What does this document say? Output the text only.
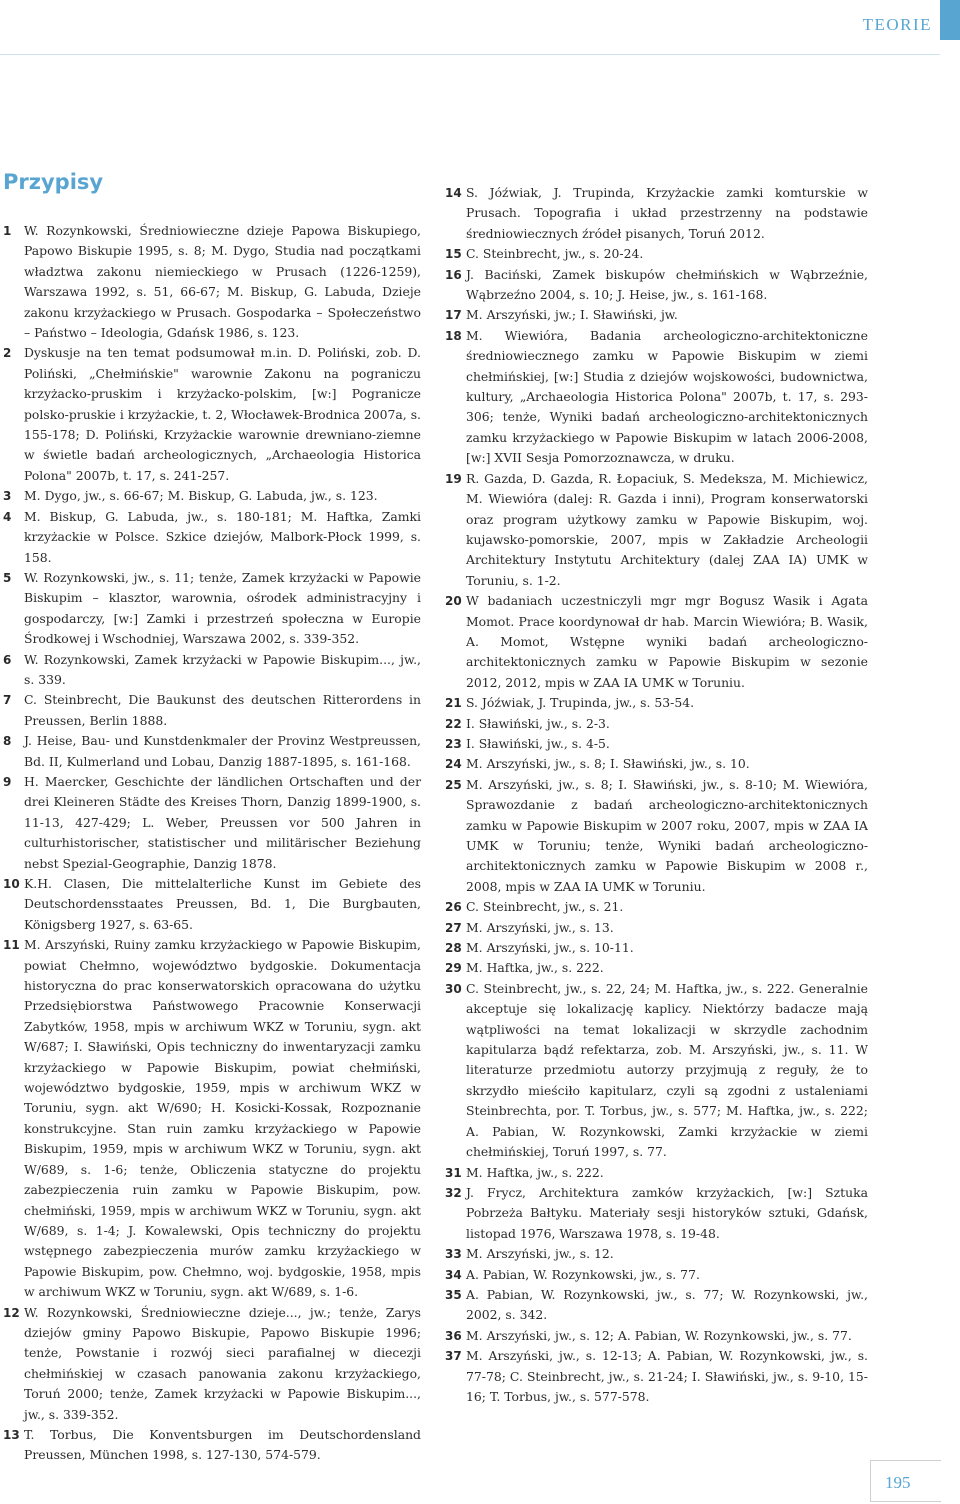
TEORIE
Przypisy
1 W. Rozynkowski, Średniowieczne dzieje Papowa Biskupiego, Papowo Biskupie 1995, s. 8; M. Dygo, Studia nad początkami władztwa zakonu niemieckiego w Prusach (1226-1259), Warszawa 1992, s. 51, 66-67; M. Biskup, G. Labuda, Dzieje zakonu krzyżackiego w Prusach. Gospodarka – Społeczeństwo – Państwo – Ideologia, Gdańsk 1986, s. 123.
2 Dyskusje na ten temat podsumował m.in. D. Poliński, zob. D. Poliński, „Chełmińskie" warownie Zakonu na pograniczu krzyżacko-pruskim i krzyżacko-polskim, [w:] Pogranicze polsko-pruskie i krzyżackie, t. 2, Włocławek-Brodnica 2007a, s. 155-178; D. Poliński, Krzyżackie warownie drewniano-ziemne w świetle badań archeologicznych, „Archaeologia Historica Polona" 2007b, t. 17, s. 241-257.
3 M. Dygo, jw., s. 66-67; M. Biskup, G. Labuda, jw., s. 123.
4 M. Biskup, G. Labuda, jw., s. 180-181; M. Haftka, Zamki krzyżackie w Polsce. Szkice dziejów, Malbork-Płock 1999, s. 158.
5 W. Rozynkowski, jw., s. 11; tenże, Zamek krzyżacki w Papowie Biskupim – klasztor, warownia, ośrodek administracyjny i gospodarczy, [w:] Zamki i przestrzeń społeczna w Europie Środkowej i Wschodniej, Warszawa 2002, s. 339-352.
6 W. Rozynkowski, Zamek krzyżacki w Papowie Biskupim..., jw., s. 339.
7 C. Steinbrecht, Die Baukunst des deutschen Ritterordens in Preussen, Berlin 1888.
8 J. Heise, Bau- und Kunstdenkmaler der Provinz Westpreussen, Bd. II, Kulmerland und Lobau, Danzig 1887-1895, s. 161-168.
9 H. Maercker, Geschichte der ländlichen Ortschaften und der drei Kleineren Städte des Kreises Thorn, Danzig 1899-1900, s. 11-13, 427-429; L. Weber, Preussen vor 500 Jahren in culturhistorischer, statistischer und militärischer Beziehung nebst Spezial-Geographie, Danzig 1878.
10 K.H. Clasen, Die mittelalterliche Kunst im Gebiete des Deutschordensstaates Preussen, Bd. 1, Die Burgbauten, Königsberg 1927, s. 63-65.
11 M. Arszyński, Ruiny zamku krzyżackiego w Papowie Biskupim, powiat Chełmno, województwo bydgoskie. Dokumentacja historyczna do prac konserwatorskich opracowana do użytku Przedsiębiorstwa Państwowego Pracownie Konserwacji Zabytków, 1958, mpis w archiwum WKZ w Toruniu, sygn. akt W/687; I. Sławiński, Opis techniczny do inwentaryzacji zamku krzyżackiego w Papowie Biskupim, powiat chełmiński, województwo bydgoskie, 1959, mpis w archiwum WKZ w Toruniu, sygn. akt W/690; H. Kosicki-Kossak, Rozpoznanie konstrukcyjne. Stan ruin zamku krzyżackiego w Papowie Biskupim, 1959, mpis w archiwum WKZ w Toruniu, sygn. akt W/689, s. 1-6; tenże, Obliczenia statyczne do projektu zabezpieczenia ruin zamku w Papowie Biskupim, pow. chełmiński, 1959, mpis w archiwum WKZ w Toruniu, sygn. akt W/689, s. 1-4; J. Kowalewski, Opis techniczny do projektu wstępnego zabezpieczenia murów zamku krzyżackiego w Papowie Biskupim, pow. Chełmno, woj. bydgoskie, 1958, mpis w archiwum WKZ w Toruniu, sygn. akt W/689, s. 1-6.
12 W. Rozynkowski, Średniowieczne dzieje..., jw.; tenże, Zarys dziejów gminy Papowo Biskupie, Papowo Biskupie 1996; tenże, Powstanie i rozwój sieci parafialnej w diecezji chełmińskiej w czasach panowania zakonu krzyżackiego, Toruń 2000; tenże, Zamek krzyżacki w Papowie Biskupim..., jw., s. 339-352.
13 T. Torbus, Die Konventsburgen im Deutschordensland Preussen, München 1998, s. 127-130, 574-579.
14 S. Jóźwiak, J. Trupinda, Krzyżackie zamki komturskie w Prusach. Topografia i układ przestrzenny na podstawie średniowiecznych źródeł pisanych, Toruń 2012.
15 C. Steinbrecht, jw., s. 20-24.
16 J. Baciński, Zamek biskupów chełmińskich w Wąbrzeźnie, Wąbrzeźno 2004, s. 10; J. Heise, jw., s. 161-168.
17 M. Arszyński, jw.; I. Sławiński, jw.
18 M. Wiewióra, Badania archeologiczno-architektoniczne średniowiecznego zamku w Papowie Biskupim w ziemi chełmińskiej, [w:] Studia z dziejów wojskowości, budownictwa, kultury, „Archaeologia Historica Polona" 2007b, t. 17, s. 293-306; tenże, Wyniki badań archeologiczno-architektonicznych zamku krzyżackiego w Papowie Biskupim w latach 2006-2008, [w:] XVII Sesja Pomorzoznawcza, w druku.
19 R. Gazda, D. Gazda, R. Łopaciuk, S. Medeksza, M. Michiewicz, M. Wiewióra (dalej: R. Gazda i inni), Program konserwatorski oraz program użytkowy zamku w Papowie Biskupim, woj. kujawsko-pomorskie, 2007, mpis w Zakładzie Archeologii Architektury Instytutu Architektury (dalej ZAA IA) UMK w Toruniu, s. 1-2.
20 W badaniach uczestniczyli mgr mgr Bogusz Wasik i Agata Momot. Prace koordynował dr hab. Marcin Wiewióra; B. Wasik, A. Momot, Wstępne wyniki badań archeologiczno-architektonicznych zamku w Papowie Biskupim w sezonie 2012, 2012, mpis w ZAA IA UMK w Toruniu.
21 S. Jóźwiak, J. Trupinda, jw., s. 53-54.
22 I. Sławiński, jw., s. 2-3.
23 I. Sławiński, jw., s. 4-5.
24 M. Arszyński, jw., s. 8; I. Sławiński, jw., s. 10.
25 M. Arszyński, jw., s. 8; I. Sławiński, jw., s. 8-10; M. Wiewióra, Sprawozdanie z badań archeologiczno-architektonicznych zamku w Papowie Biskupim w 2007 roku, 2007, mpis w ZAA IA UMK w Toruniu; tenże, Wyniki badań archeologiczno-architektonicznych zamku w Papowie Biskupim w 2008 r., 2008, mpis w ZAA IA UMK w Toruniu.
26 C. Steinbrecht, jw., s. 21.
27 M. Arszyński, jw., s. 13.
28 M. Arszyński, jw., s. 10-11.
29 M. Haftka, jw., s. 222.
30 C. Steinbrecht, jw., s. 22, 24; M. Haftka, jw., s. 222. Generalnie akceptuje się lokalizację kaplicy. Niektórzy badacze mają wątpliwości na temat lokalizacji w skrzydle zachodnim kapitularza bądź refektarza, zob. M. Arszyński, jw., s. 11. W literaturze przedmiotu autorzy przyjmują z reguły, że to skrzydło mieściło kapitularz, czyli są zgodni z ustaleniami Steinbrechta, por. T. Torbus, jw., s. 577; M. Haftka, jw., s. 222; A. Pabian, W. Rozynkowski, Zamki krzyżackie w ziemi chełmińskiej, Toruń 1997, s. 77.
31 M. Haftka, jw., s. 222.
32 J. Frycz, Architektura zamków krzyżackich, [w:] Sztuka Pobrzeża Bałtyku. Materiały sesji historyków sztuki, Gdańsk, listopad 1976, Warszawa 1978, s. 19-48.
33 M. Arszyński, jw., s. 12.
34 A. Pabian, W. Rozynkowski, jw., s. 77.
35 A. Pabian, W. Rozynkowski, jw., s. 77; W. Rozynkowski, jw., 2002, s. 342.
36 M. Arszyński, jw., s. 12; A. Pabian, W. Rozynkowski, jw., s. 77.
37 M. Arszyński, jw., s. 12-13; A. Pabian, W. Rozynkowski, jw., s. 77-78; C. Steinbrecht, jw., s. 21-24; I. Sławiński, jw., s. 9-10, 15-16; T. Torbus, jw., s. 577-578.
195
